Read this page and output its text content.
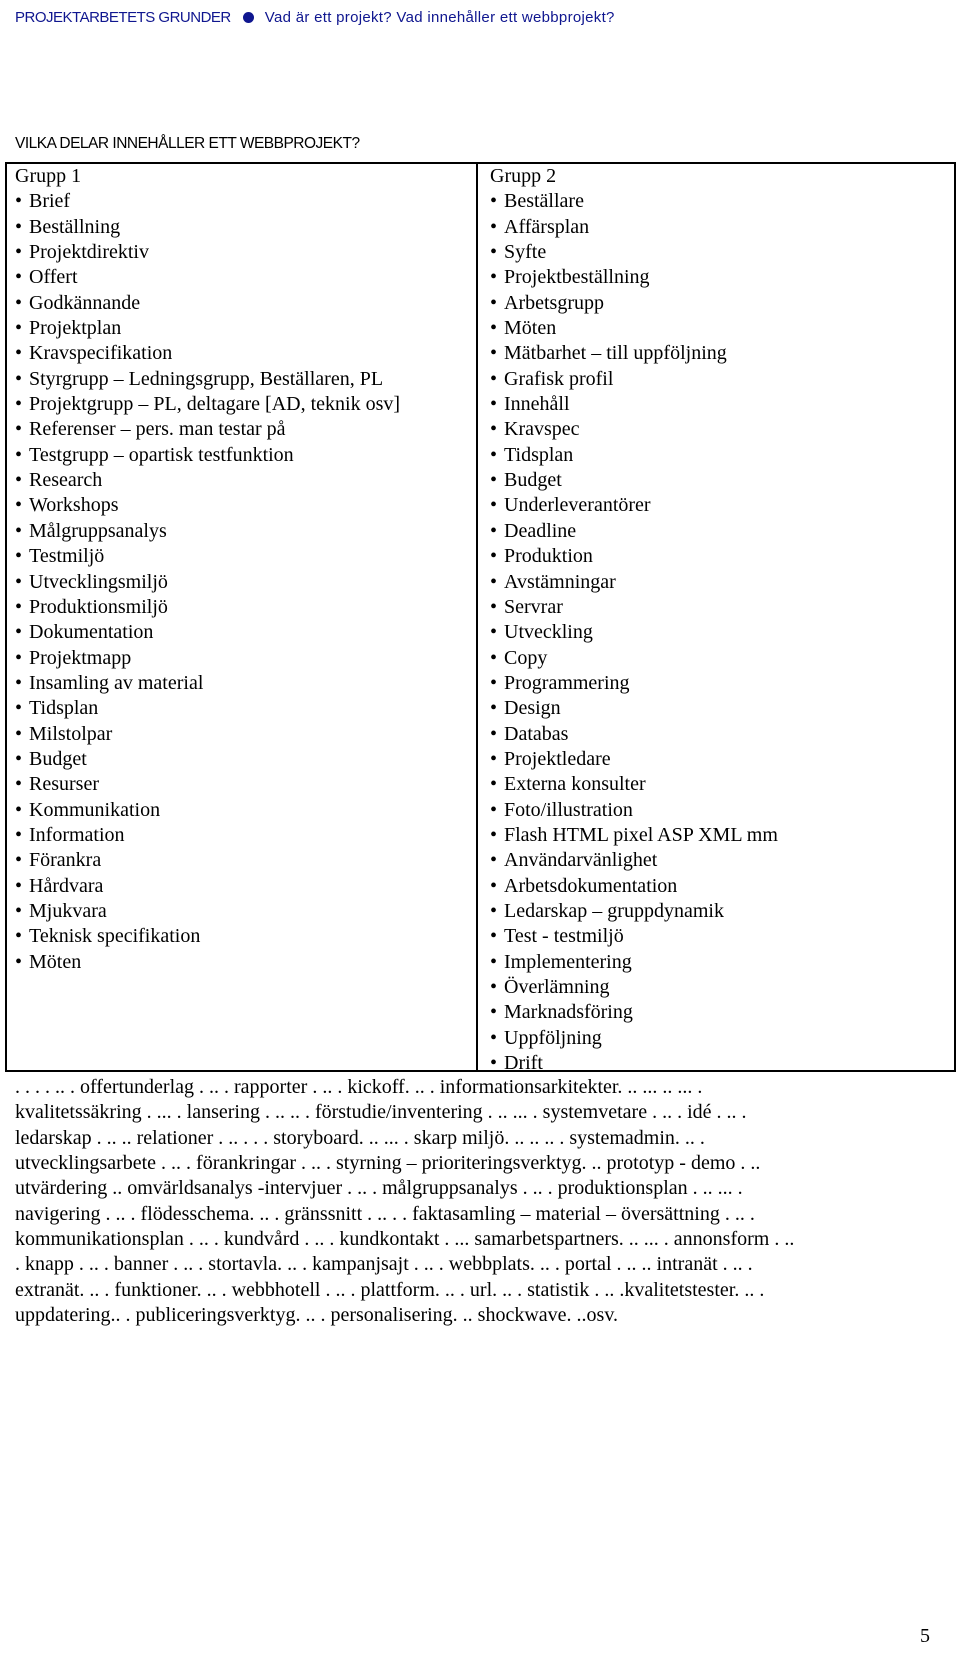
PROJEKTARBETETS GRUNDER Vad är ett projekt? Vad innehåller ett webbprojekt?
VILKA DELAR INNEHÅLLER ETT WEBBPROJEKT?
Grupp 1
• Brief
• Beställning
• Projektdirektiv
• Offert
• Godkännande
• Projektplan
• Kravspecifikation
• Styrgrupp – Ledningsgrupp, Beställaren, PL
• Projektgrupp – PL, deltagare [AD, teknik osv]
• Referenser – pers. man testar på
• Testgrupp – opartisk testfunktion
• Research
• Workshops
• Målgruppsanalys
• Testmiljö
• Utvecklingsmiljö
• Produktionsmiljö
• Dokumentation
• Projektmapp
• Insamling av material
• Tidsplan
• Milstolpar
• Budget
• Resurser
• Kommunikation
• Information
• Förankra
• Hårdvara
• Mjukvara
• Teknisk specifikation
• Möten
Grupp 2
• Beställare
• Affärsplan
• Syfte
• Projektbeställning
• Arbetsgrupp
• Möten
• Mätbarhet – till uppföljning
• Grafisk profil
• Innehåll
• Kravspec
• Tidsplan
• Budget
• Underleverantörer
• Deadline
• Produktion
• Avstämningar
• Servrar
• Utveckling
• Copy
• Programmering
• Design
• Databas
• Projektledare
• Externa konsulter
• Foto/illustration
• Flash HTML pixel ASP XML mm
• Användarvänlighet
• Arbetsdokumentation
• Ledarskap – gruppdynamik
• Test - testmiljö
• Implementering
• Överlämning
• Marknadsföring
• Uppföljning
• Drift
. . . . .. . offertunderlag . .. . rapporter . .. . kickoff. .. . informationsarkitekter. .. ... .. ... .
kvalitetssäkring . ... . lansering . .. .. . förstudie/inventering . .. ... . systemvetare . .. . idé . .. .
ledarskap . .. .. relationer . .. . . . storyboard. .. ... . skarp miljö. .. .. .. . systemadmin. .. .
utvecklingsarbete . .. . förankringar . .. . styrning – prioriteringsverktyg. .. prototyp - demo . ..
utvärdering .. omvärldsanalys -intervjuer . .. . målgruppsanalys . .. . produktionsplan . .. ... .
navigering . .. . flödesschema. .. . gränssnitt . .. . . faktasamling – material – översättning . .. .
kommunikationsplan . .. . kundvård . .. . kundkontakt . ... samarbetspartners. .. ... . annonsform . ..
. knapp . .. . banner . .. . stortavla. .. . kampanjsajt . .. . webbplats. .. . portal . .. .. intranät . .. .
extranät. .. . funktioner. .. . webbhotell . .. . plattform. .. . url. .. . statistik . .. .kvalitetstester. .. .
uppdatering.. . publiceringsverktyg. .. . personalisering. .. shockwave. ..osv.
5
